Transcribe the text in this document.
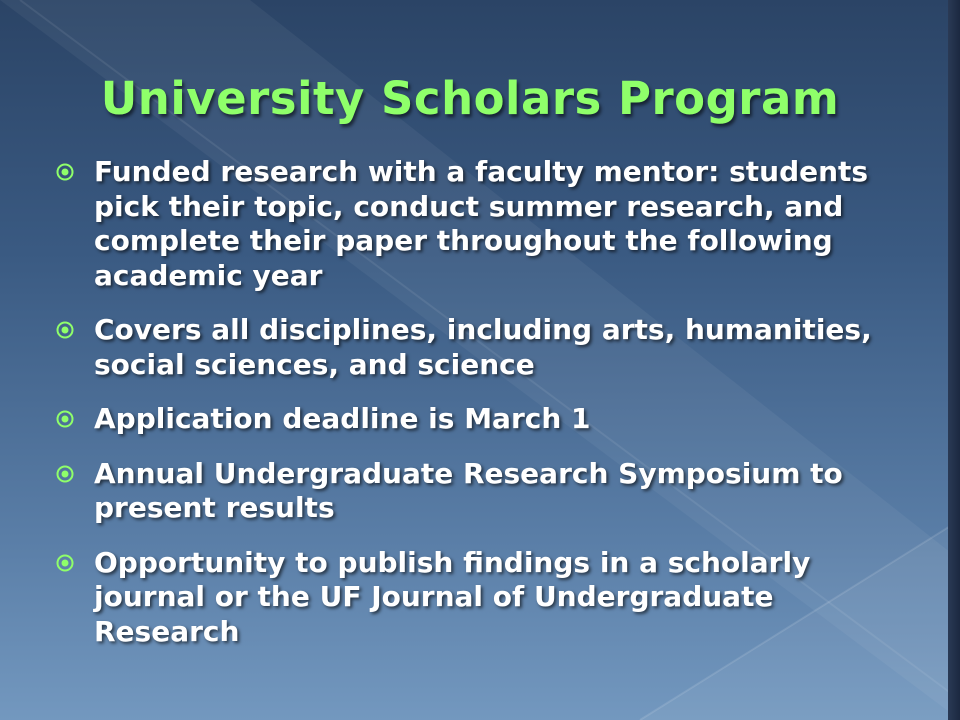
University Scholars Program
Funded research with a faculty mentor: students pick their topic, conduct summer research, and complete their paper throughout the following academic year
Covers all disciplines, including arts, humanities, social sciences, and science
Application deadline is March 1
Annual Undergraduate Research Symposium to present results
Opportunity to publish findings in a scholarly journal or the UF Journal of Undergraduate Research
